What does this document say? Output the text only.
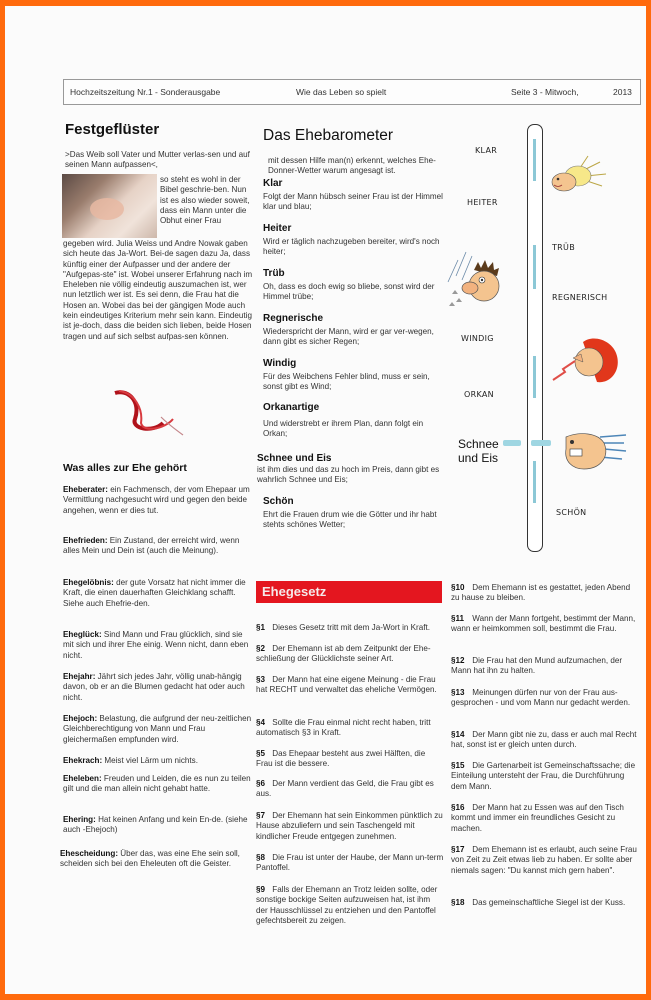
Hochzeitszeitung Nr.1 - Sonderausgabe	Wie das Leben so spielt	Seite 3 - Mitwoch,	2013
Festgeflüster

>Das Weib soll Vater und Mutter verlas-sen und auf seinen Mann aufpassen<,

so steht es wohl in der Bibel geschrie-ben. Nun ist es also wieder soweit, dass ein Mann unter die Obhut einer Frau

gegeben wird. Julia Weiss und Andre Nowak gaben sich heute das Ja-Wort. Bei-de sagen dazu Ja, dass künftig einer der Aufpasser und der andere der "Aufgepas-ste" ist. Wobei unserer Erfahrung nach im Eheleben nie völlig eindeutig auszumachen ist, wer nun letztlich wer ist. Es sei denn, die Frau hat die Hosen an. Wobei das bei der gängigen Mode auch kein eindeutiges Kriterium mehr sein kann. Eindeutig ist je-doch, dass die beiden sich lieben, beide Hosen tragen und auf sich selbst aufpas-sen können.

Was alles zur Ehe gehört

Eheberater: ein Fachmensch, der vom Ehepaar um Vermittlung nachgesucht wird und gegen den beide angehen, wenn er dies tut.

Ehefrieden: Ein Zustand, der erreicht wird, wenn alles Mein und Dein ist (auch die Meinung).

Ehegelöbnis: der gute Vorsatz hat nicht immer die Kraft, die einen dauerhaften Gleichklang schafft. Siehe auch Ehefrie-den.

Eheglück: Sind Mann und Frau glücklich, sind sie mit sich und ihrer Ehe einig. Wenn nicht, dann eben nicht.

Ehejahr: Jährt sich jedes Jahr, völlig unab-hängig davon, ob er an die Blumen gedacht hat oder auch nicht.

Ehejoch: Belastung, die aufgrund der neu-zeitlichen Gleichberechtigung von Mann und Frau gleichermaßen empfunden wird.

Ehekrach: Meist viel Lärm um nichts.

Eheleben: Freuden und Leiden, die es nun zu teilen gilt und die man allein nicht gehabt hatte.

Ehering: Hat keinen Anfang und kein En-de. (siehe auch -Ehejoch)

Ehescheidung: Über das, was eine Ehe sein soll, scheiden sich bei den Eheleuten oft die Geister.

Das Ehebarometer

mit dessen Hilfe man(n) erkennt, welches Ehe- Donner-Wetter warum angesagt ist.

Klar

Folgt der Mann hübsch seiner Frau ist der Himmel klar und blau;

Heiter

Wird er täglich nachzugeben bereiter, wird's noch heiter;

Trüb

Oh, dass es doch ewig so bliebe, sonst wird der Himmel trübe;

Regnerische

Wiederspricht der Mann, wird er gar ver-wegen, dann gibt es sicher Regen;

Windig

Für des Weibchens Fehler blind, muss er sein, sonst gibt es Wind;

Orkanartige

Und widerstrebt er ihrem Plan, dann folgt ein Orkan;

Schnee und Eis

ist ihm dies und das zu hoch im Preis, dann gibt es wahrlich Schnee und Eis;

Schön

Ehrt die Frauen drum wie die Götter und ihr habt stehts schönes Wetter;

KLAR
HEITER
TRÜB
REGNERISCH
WINDIG
ORKAN
Schnee und Eis
SCHÖN
Ehegesetz

§1 Dieses Gesetz tritt mit dem Ja-Wort in Kraft.

§2 Der Ehemann ist ab dem Zeitpunkt der Ehe-schließung der Glücklichste seiner Art.

§3 Der Mann hat eine eigene Meinung - die Frau hat RECHT und verwaltet das eheliche Vermögen.

§4 Sollte die Frau einmal nicht recht haben, tritt automatisch §3 in Kraft.

§5 Das Ehepaar besteht aus zwei Hälften, die Frau ist die bessere.

§6 Der Mann verdient das Geld, die Frau gibt es aus.

§7 Der Ehemann hat sein Einkommen pünktlich zu Hause abzuliefern und sein Taschengeld mit kindlicher Freude entgegen zunehmen.

§8 Die Frau ist unter der Haube, der Mann un-term Pantoffel.

§9 Falls der Ehemann an Trotz leiden sollte, oder sonstige bockige Seiten aufzuweisen hat, ist ihm der Hausschlüssel zu entziehen und den Pantoffel gefechtsbereit zu zeigen.

§10 Dem Ehemann ist es gestattet, jeden Abend zu hause zu bleiben.

§11 Wann der Mann fortgeht, bestimmt der Mann, wann er heimkommen soll, bestimmt die Frau.

§12 Die Frau hat den Mund aufzumachen, der Mann hat ihn zu halten.

§13 Meinungen dürfen nur von der Frau aus-gesprochen - und vom Mann nur gedacht werden.

§14 Der Mann gibt nie zu, dass er auch mal Recht hat, sonst ist er gleich unten durch.

§15 Die Gartenarbeit ist Gemeinschaftssache; die Einteilung untersteht der Frau, die Durchführung dem Mann.

§16 Der Mann hat zu Essen was auf den Tisch kommt und immer ein freundliches Gesicht zu machen.

§17 Dem Ehemann ist es erlaubt, auch seine Frau von Zeit zu Zeit etwas lieb zu haben. Er sollte aber niemals sagen: "Du kannst mich gern haben".

§18 Das gemeinschaftliche Siegel ist der Kuss.
